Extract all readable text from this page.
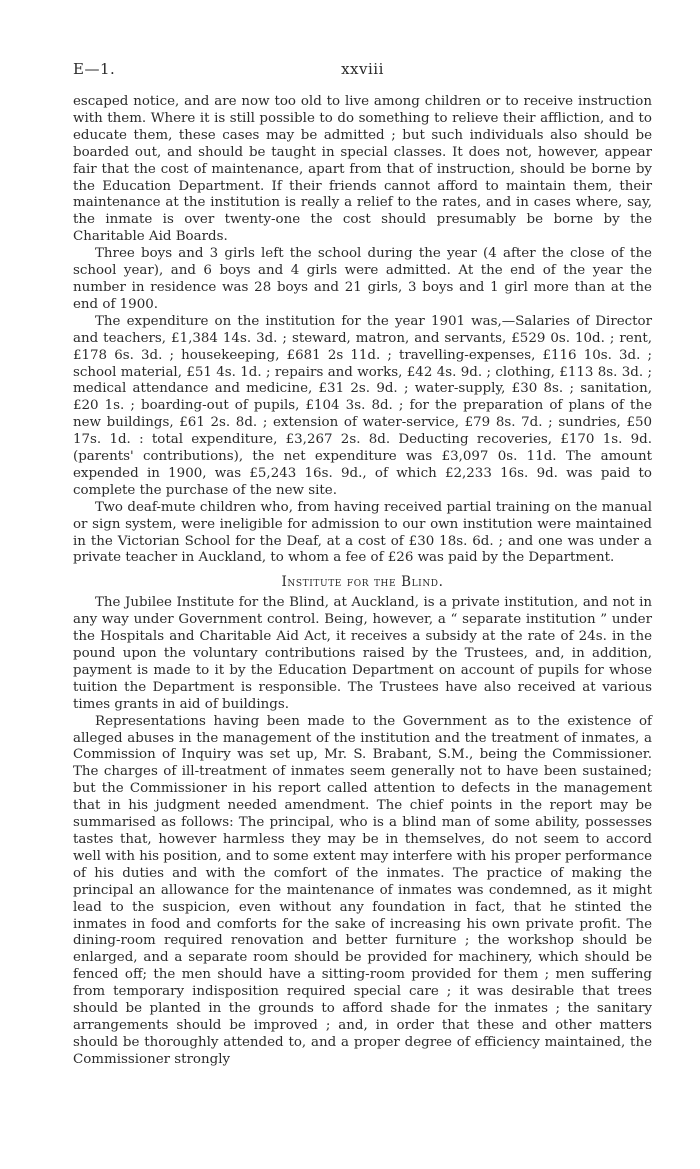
E—1.	xxviii

escaped notice, and are now too old to live among children or to receive instruction with them. Where it is still possible to do something to relieve their affliction, and to educate them, these cases may be admitted ; but such individuals also should be boarded out, and should be taught in special classes. It does not, however, appear fair that the cost of maintenance, apart from that of instruction, should be borne by the Education Department. If their friends cannot afford to maintain them, their maintenance at the institution is really a relief to the rates, and in cases where, say, the inmate is over twenty-one the cost should presumably be borne by the Charitable Aid Boards.

Three boys and 3 girls left the school during the year (4 after the close of the school year), and 6 boys and 4 girls were admitted. At the end of the year the number in residence was 28 boys and 21 girls, 3 boys and 1 girl more than at the end of 1900.

The expenditure on the institution for the year 1901 was,—Salaries of Director and teachers, £1,384 14s. 3d. ; steward, matron, and servants, £529 0s. 10d. ; rent, £178 6s. 3d. ; housekeeping, £681 2s 11d. ; travelling-expenses, £116 10s. 3d. ; school material, £51 4s. 1d. ; repairs and works, £42 4s. 9d. ; clothing, £113 8s. 3d. ; medical attendance and medicine, £31 2s. 9d. ; water-supply, £30 8s. ; sanitation, £20 1s. ; boarding-out of pupils, £104 3s. 8d. ; for the preparation of plans of the new buildings, £61 2s. 8d. ; extension of water-service, £79 8s. 7d. ; sundries, £50 17s. 1d. : total expenditure, £3,267 2s. 8d. Deducting recoveries, £170 1s. 9d. (parents' contributions), the net expenditure was £3,097 0s. 11d. The amount expended in 1900, was £5,243 16s. 9d., of which £2,233 16s. 9d. was paid to complete the purchase of the new site.

Two deaf-mute children who, from having received partial training on the manual or sign system, were ineligible for admission to our own institution were maintained in the Victorian School for the Deaf, at a cost of £30 18s. 6d. ; and one was under a private teacher in Auckland, to whom a fee of £26 was paid by the Department.

Institute for the Blind.

The Jubilee Institute for the Blind, at Auckland, is a private institution, and not in any way under Government control. Being, however, a “ separate institution ” under the Hospitals and Charitable Aid Act, it receives a subsidy at the rate of 24s. in the pound upon the voluntary contributions raised by the Trustees, and, in addition, payment is made to it by the Education Department on account of pupils for whose tuition the Department is responsible. The Trustees have also received at various times grants in aid of buildings.

Representations having been made to the Government as to the existence of alleged abuses in the management of the institution and the treatment of inmates, a Commission of Inquiry was set up, Mr. S. Brabant, S.M., being the Commissioner. The charges of ill-treatment of inmates seem generally not to have been sustained; but the Commissioner in his report called attention to defects in the management that in his judgment needed amendment. The chief points in the report may be summarised as follows: The principal, who is a blind man of some ability, possesses tastes that, however harmless they may be in themselves, do not seem to accord well with his position, and to some extent may interfere with his proper performance of his duties and with the comfort of the inmates. The practice of making the principal an allowance for the maintenance of inmates was condemned, as it might lead to the suspicion, even without any foundation in fact, that he stinted the inmates in food and comforts for the sake of increasing his own private profit. The dining-room required renovation and better furniture ; the workshop should be enlarged, and a separate room should be provided for machinery, which should be fenced off; the men should have a sitting-room provided for them ; men suffering from temporary indisposition required special care ; it was desirable that trees should be planted in the grounds to afford shade for the inmates ; the sanitary arrangements should be improved ; and, in order that these and other matters should be thoroughly attended to, and a proper degree of efficiency maintained, the Commissioner strongly
